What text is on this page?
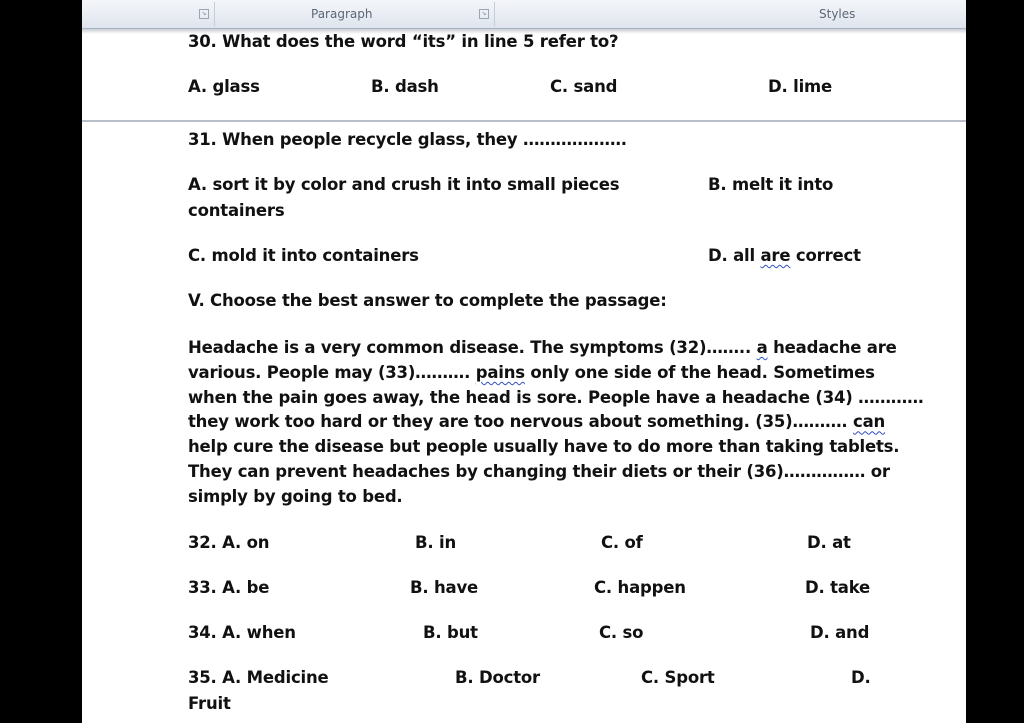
↘	Paragraph	↘	Styles
30. What does the word “its” in line 5 refer to?
A. glass	B. dash	C. sand	D. lime
31. When people recycle glass, they ……………….
A. sort it by color and crush it into small pieces	B. melt it into
containers
C. mold it into containers	D. all are correct
V. Choose the best answer to complete the passage:
Headache is a very common disease. The symptoms (32)…….. a headache are
various. People may (33)………. pains only one side of the head. Sometimes
when the pain goes away, the head is sore. People have a headache (34) …………
they work too hard or they are too nervous about something. (35)………. can
help cure the disease but people usually have to do more than taking tablets.
They can prevent headaches by changing their diets or their (36)…………… or
simply by going to bed.
32. A. on	B. in	C. of	D. at
33. A. be	B. have	C. happen	D. take
34. A. when	B. but	C. so	D. and
35. A. Medicine	B. Doctor	C. Sport	D.
Fruit
